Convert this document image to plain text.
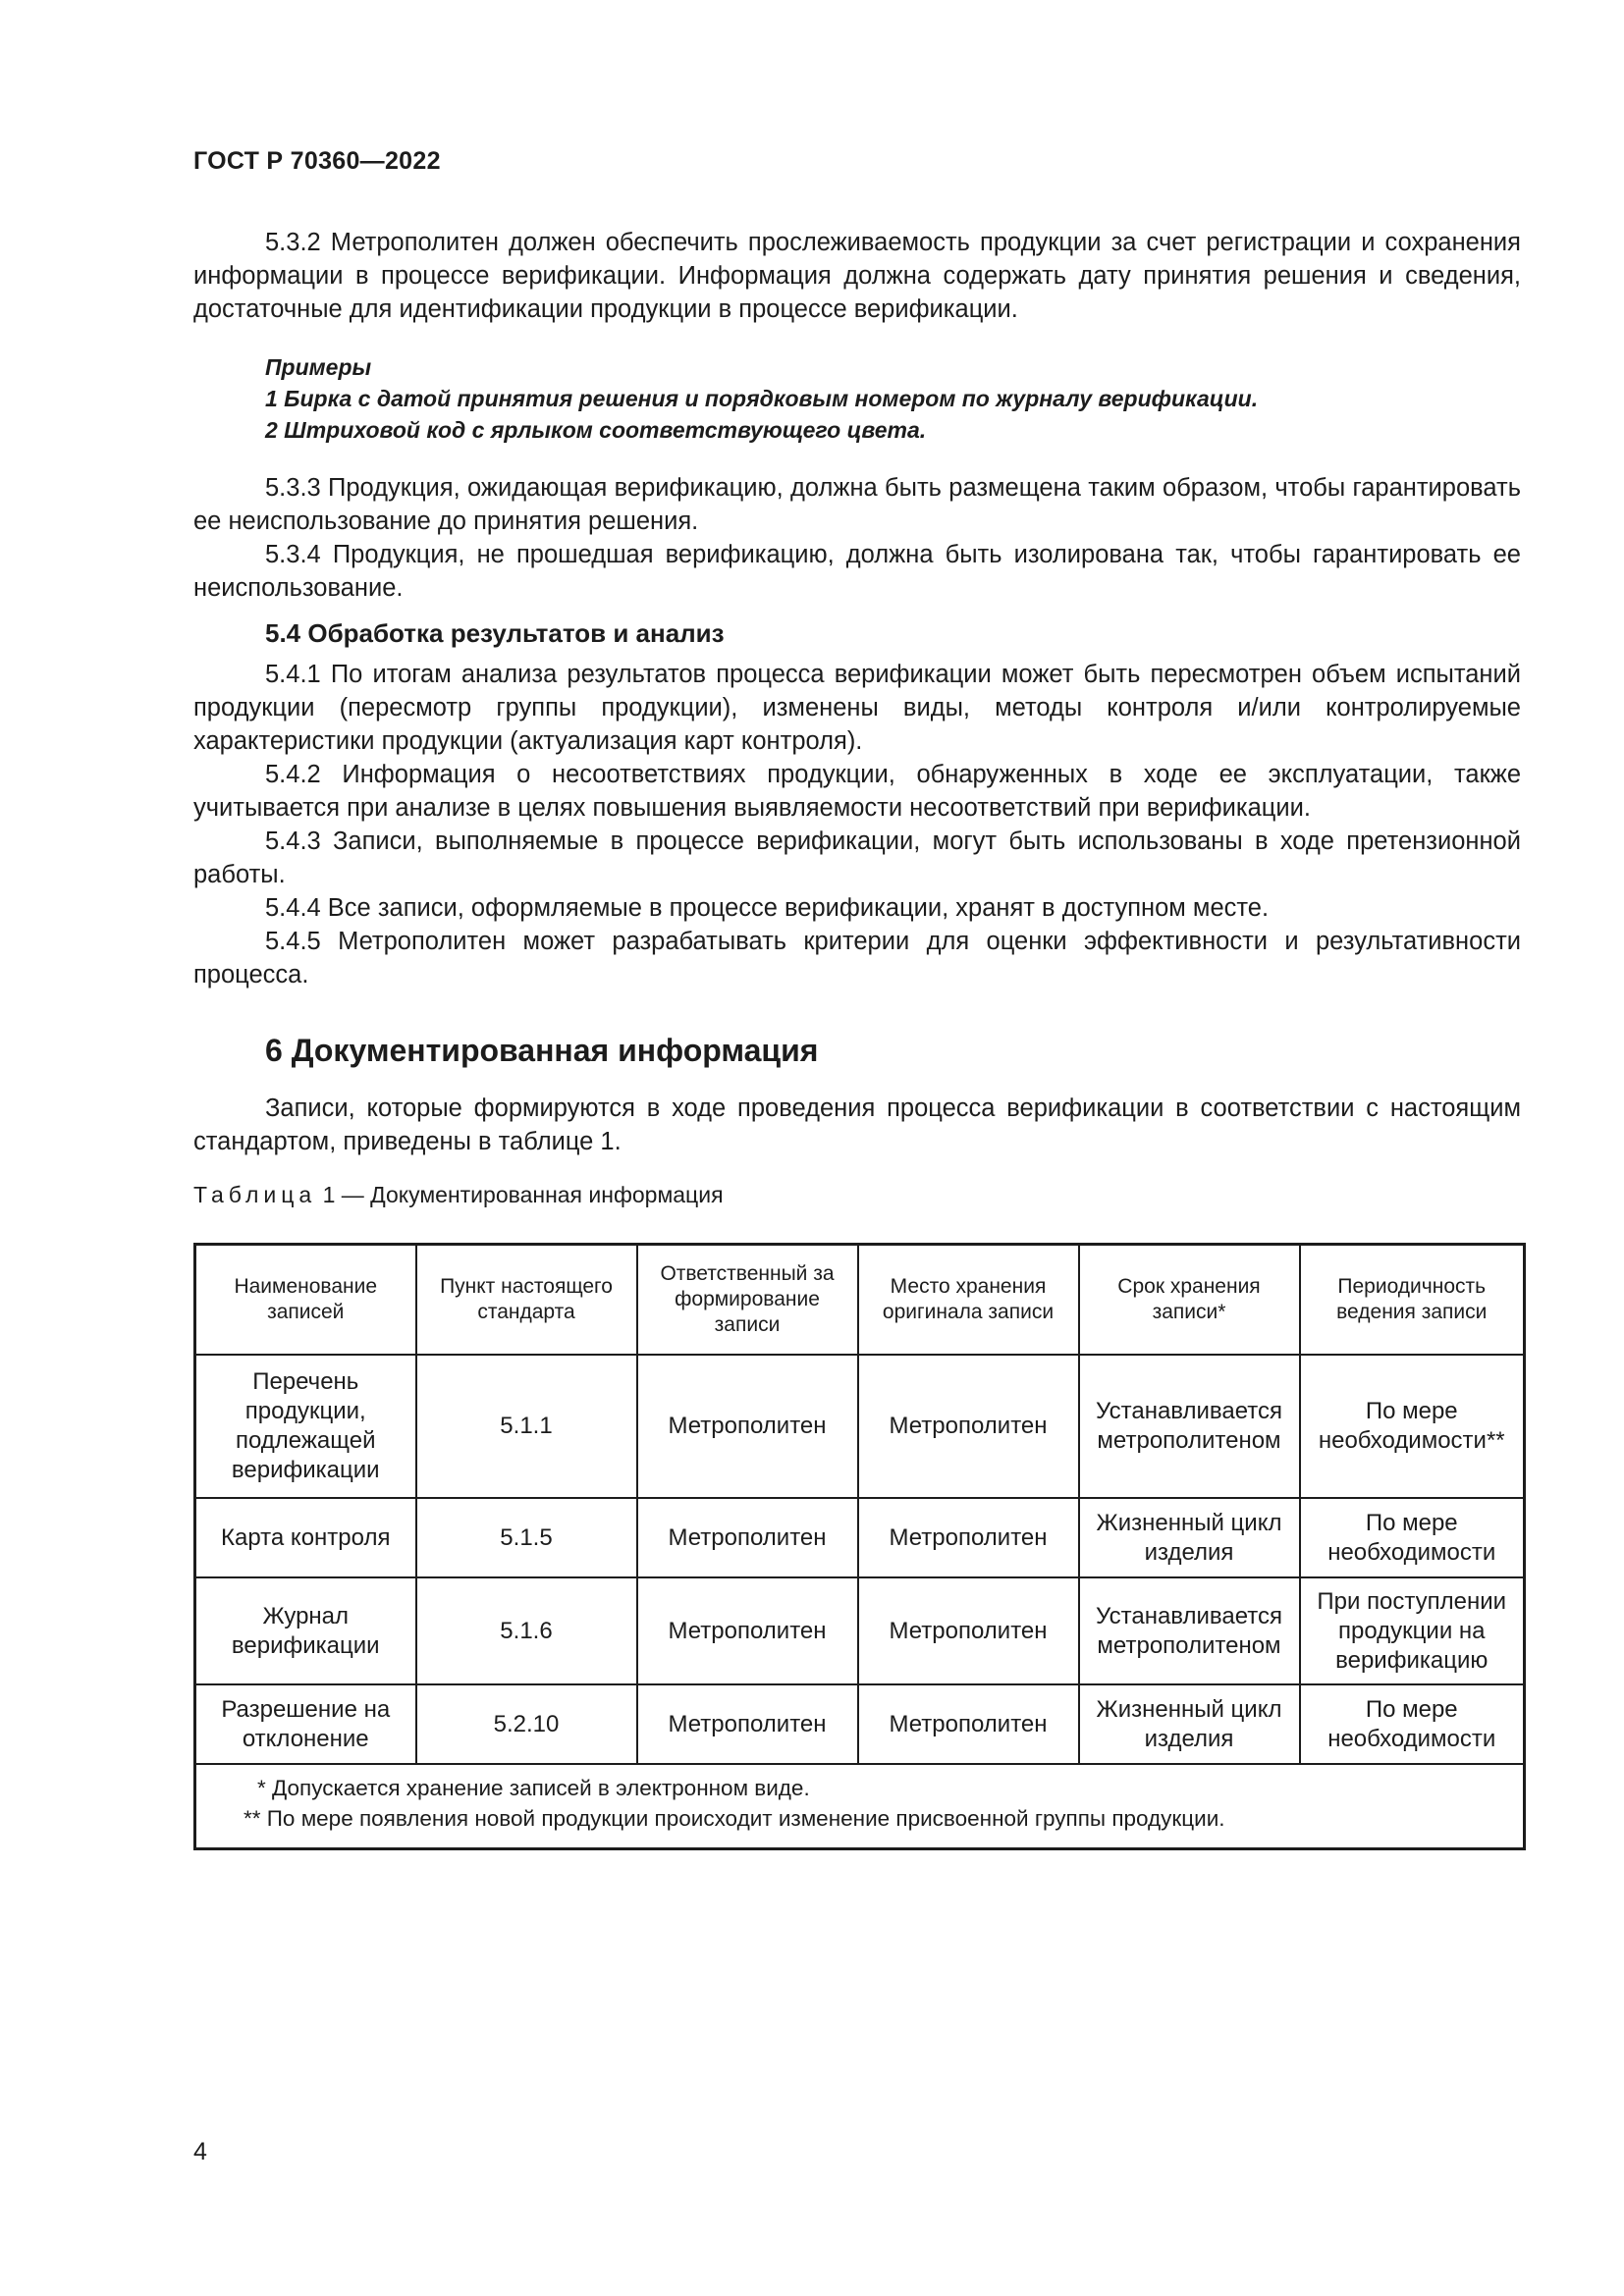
ГОСТ Р 70360—2022

5.3.2 Метрополитен должен обеспечить прослеживаемость продукции за счет регистрации и сохранения информации в процессе верификации. Информация должна содержать дату принятия решения и сведения, достаточные для идентификации продукции в процессе верификации.

Примеры
1 Бирка с датой принятия решения и порядковым номером по журналу верификации.
2 Штриховой код с ярлыком соответствующего цвета.

5.3.3 Продукция, ожидающая верификацию, должна быть размещена таким образом, чтобы гарантировать ее неиспользование до принятия решения.

5.3.4 Продукция, не прошедшая верификацию, должна быть изолирована так, чтобы гарантировать ее неиспользование.

5.4 Обработка результатов и анализ

5.4.1 По итогам анализа результатов процесса верификации может быть пересмотрен объем испытаний продукции (пересмотр группы продукции), изменены виды, методы контроля и/или контролируемые характеристики продукции (актуализация карт контроля).

5.4.2 Информация о несоответствиях продукции, обнаруженных в ходе ее эксплуатации, также учитывается при анализе в целях повышения выявляемости несоответствий при верификации.

5.4.3 Записи, выполняемые в процессе верификации, могут быть использованы в ходе претензионной работы.

5.4.4 Все записи, оформляемые в процессе верификации, хранят в доступном месте.

5.4.5 Метрополитен может разрабатывать критерии для оценки эффективности и результативности процесса.

6 Документированная информация

Записи, которые формируются в ходе проведения процесса верификации в соответствии с настоящим стандартом, приведены в таблице 1.

Таблица 1 — Документированная информация
Наименование записей	Пункт настоящего стандарта	Ответственный за формирование записи	Место хранения оригинала записи	Срок хранения записи*	Периодичность ведения записи
Перечень продукции, подлежащей верификации	5.1.1	Метрополитен	Метрополитен	Устанавливается метрополитеном	По мере необходимости**
Карта контроля	5.1.5	Метрополитен	Метрополитен	Жизненный цикл изделия	По мере необходимости
Журнал верификации	5.1.6	Метрополитен	Метрополитен	Устанавливается метрополитеном	При поступлении продукции на верификацию
Разрешение на отклонение	5.2.10	Метрополитен	Метрополитен	Жизненный цикл изделия	По мере необходимости

* Допускается хранение записей в электронном виде.
** По мере появления новой продукции происходит изменение присвоенной группы продукции.					
4
